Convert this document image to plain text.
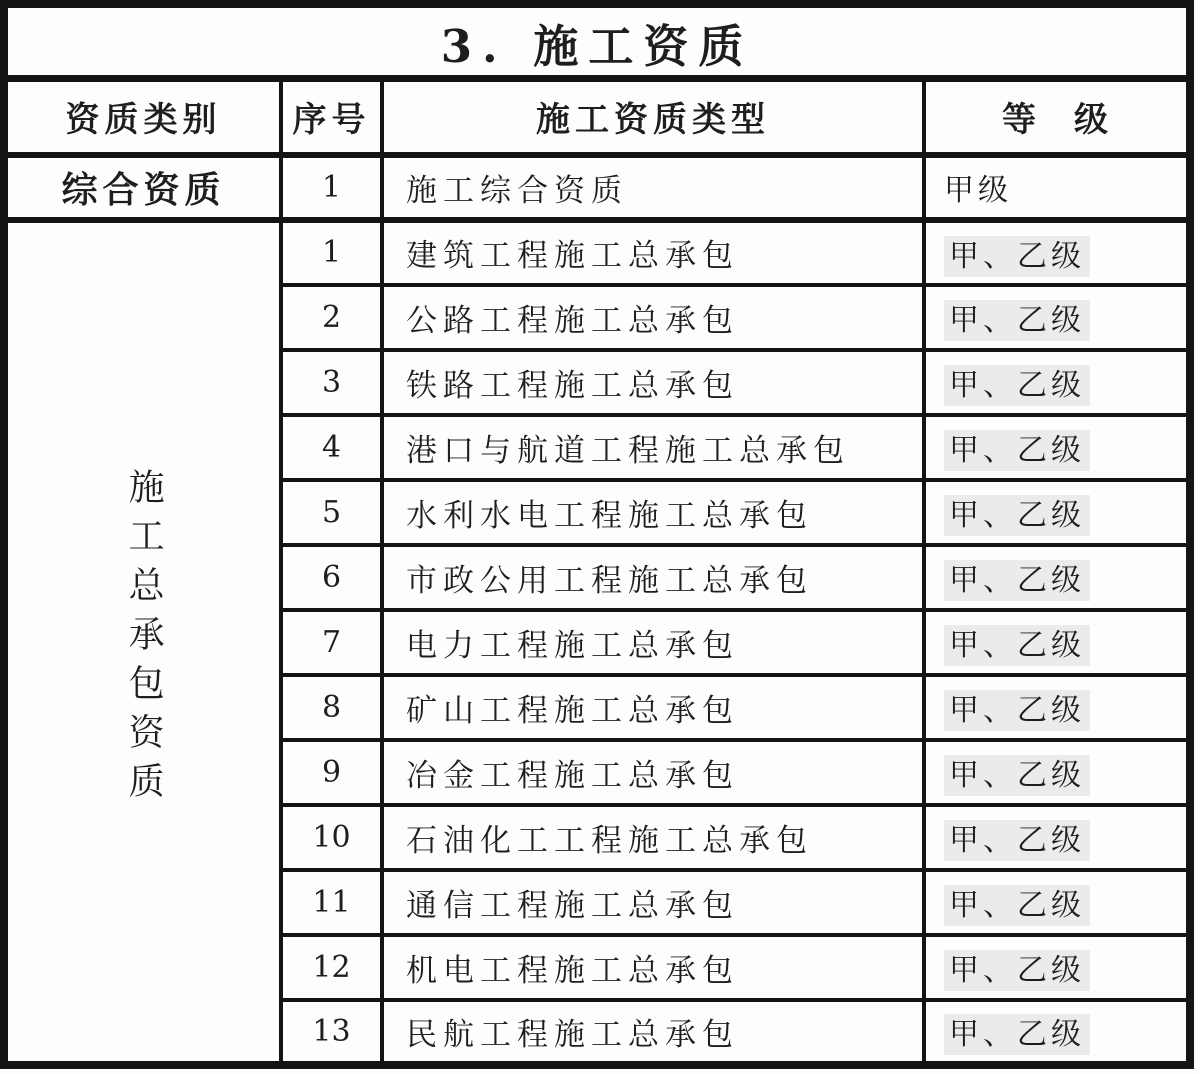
3. 施工资质			
资质类别	序号	施工资质类型	等　级
综合资质	1	施工综合资质	甲级
施工总承包资质	1	建筑工程施工总承包	甲、乙级
	2	公路工程施工总承包	甲、乙级
	3	铁路工程施工总承包	甲、乙级
	4	港口与航道工程施工总承包	甲、乙级
	5	水利水电工程施工总承包	甲、乙级
	6	市政公用工程施工总承包	甲、乙级
	7	电力工程施工总承包	甲、乙级
	8	矿山工程施工总承包	甲、乙级
	9	冶金工程施工总承包	甲、乙级
	10	石油化工工程施工总承包	甲、乙级
	11	通信工程施工总承包	甲、乙级
	12	机电工程施工总承包	甲、乙级
	13	民航工程施工总承包	甲、乙级
